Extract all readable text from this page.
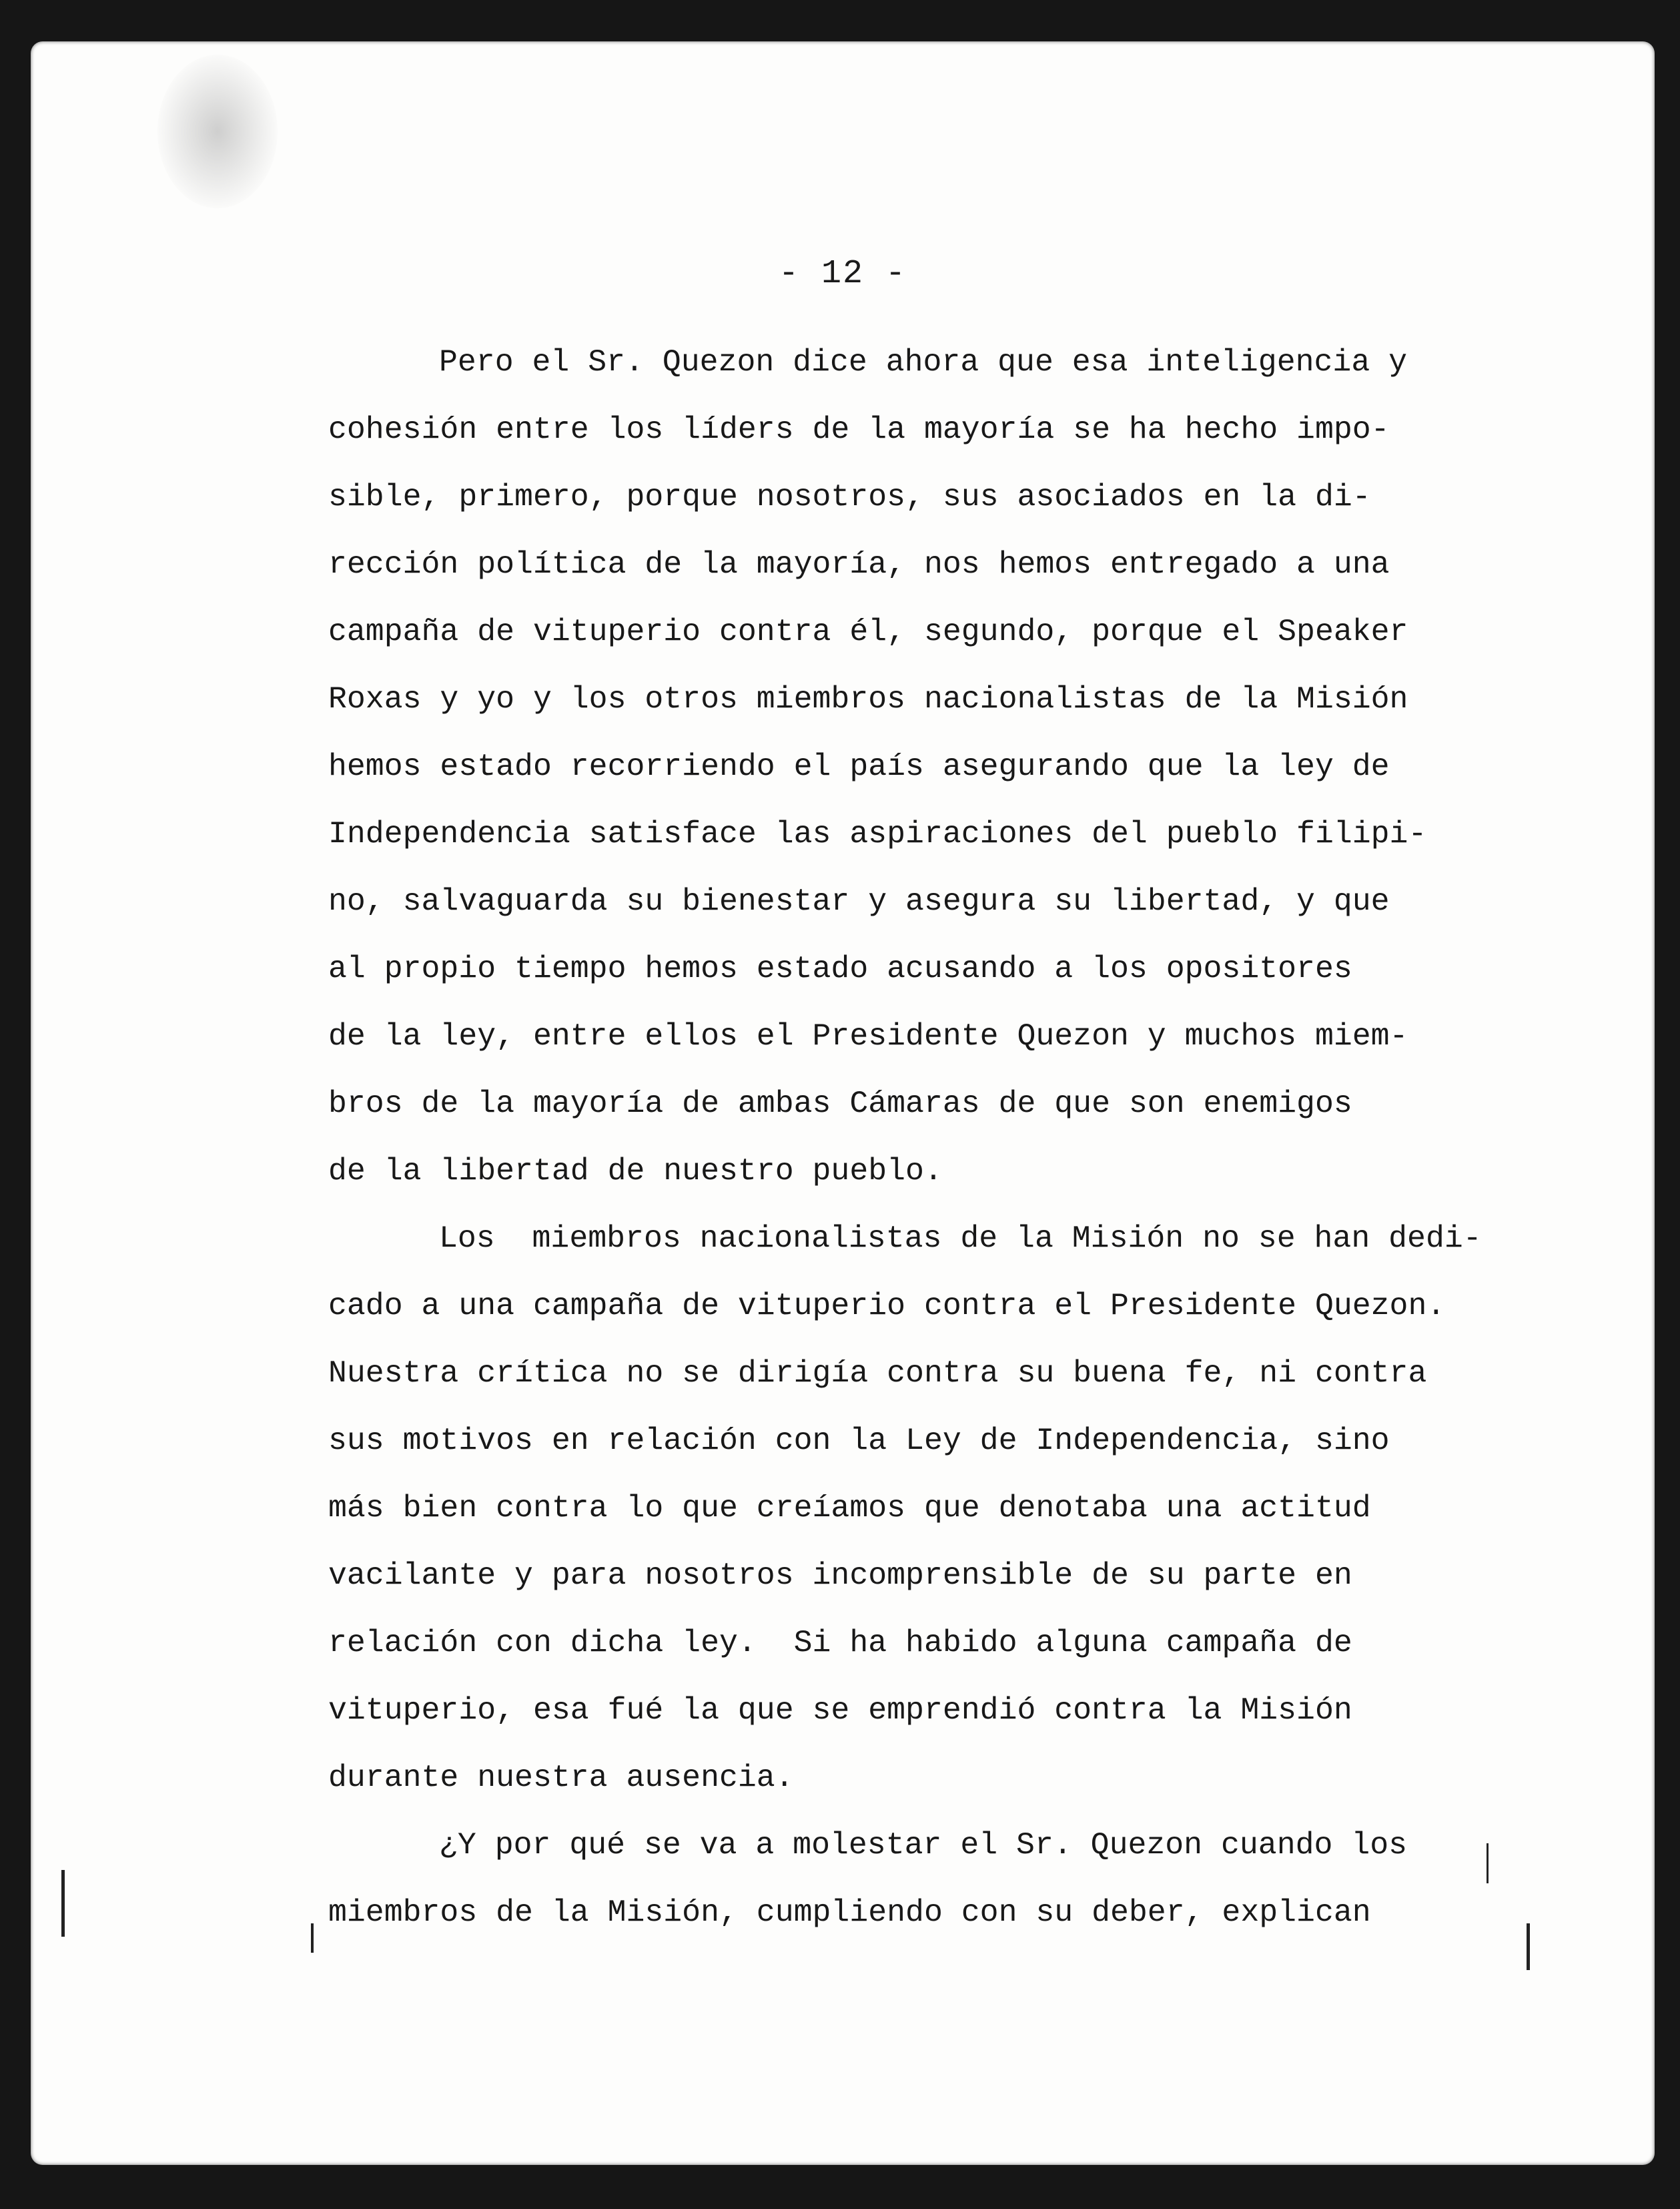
- 12 -
Pero el Sr. Quezon dice ahora que esa inteligencia y
cohesión entre los líders de la mayoría se ha hecho impo-
sible, primero, porque nosotros, sus asociados en la di-
rección política de la mayoría, nos hemos entregado a una
campaña de vituperio contra él, segundo, porque el Speaker
Roxas y yo y los otros miembros nacionalistas de la Misión
hemos estado recorriendo el país asegurando que la ley de
Independencia satisface las aspiraciones del pueblo filipi-
no, salvaguarda su bienestar y asegura su libertad, y que
al propio tiempo hemos estado acusando a los opositores
de la ley, entre ellos el Presidente Quezon y muchos miem-
bros de la mayoría de ambas Cámaras de que son enemigos
de la libertad de nuestro pueblo.
Los  miembros nacionalistas de la Misión no se han dedi-
cado a una campaña de vituperio contra el Presidente Quezon.
Nuestra crítica no se dirigía contra su buena fe, ni contra
sus motivos en relación con la Ley de Independencia, sino
más bien contra lo que creíamos que denotaba una actitud
vacilante y para nosotros incomprensible de su parte en
relación con dicha ley.  Si ha habido alguna campaña de
vituperio, esa fué la que se emprendió contra la Misión
durante nuestra ausencia.
¿Y por qué se va a molestar el Sr. Quezon cuando los
miembros de la Misión, cumpliendo con su deber, explican
